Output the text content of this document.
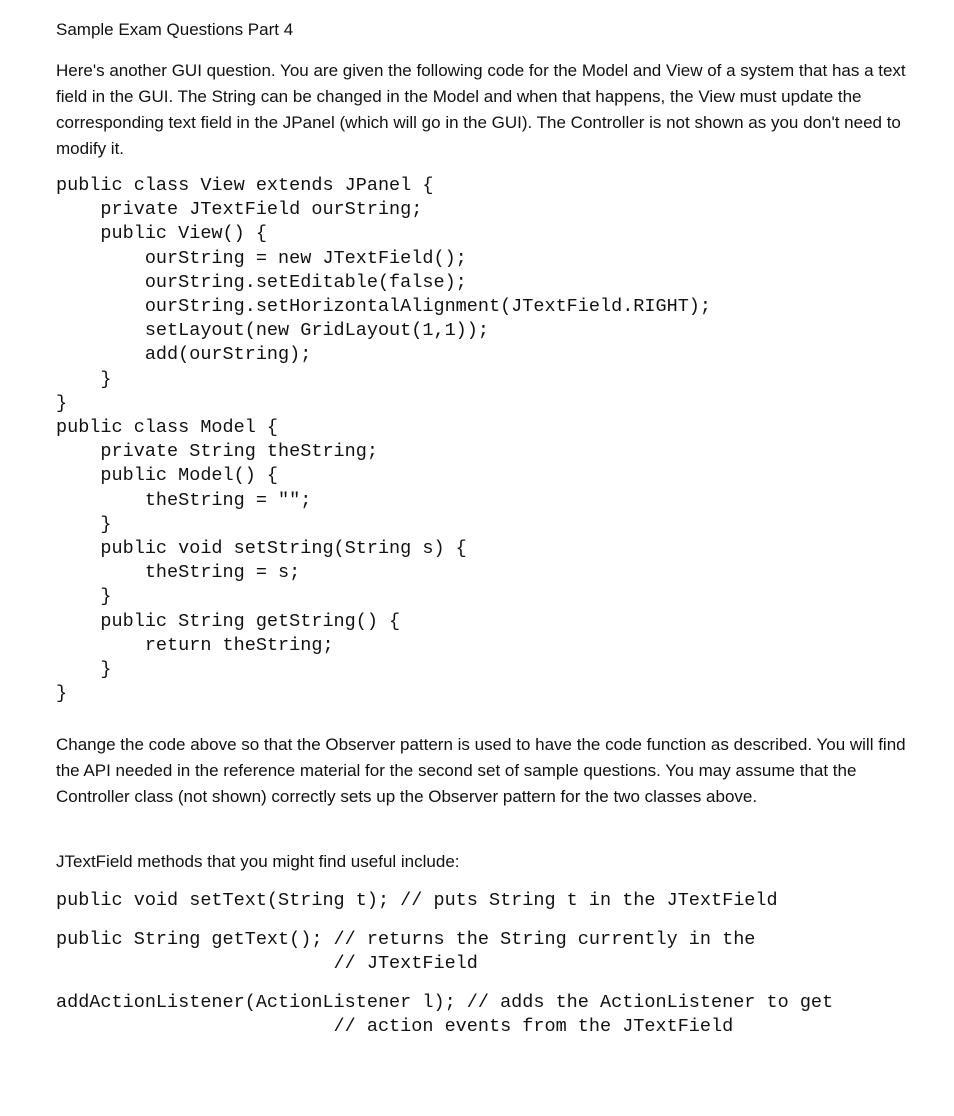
Sample Exam Questions Part 4

Here's another GUI question. You are given the following code for the Model and View of a system that has a text field in the GUI. The String can be changed in the Model and when that happens, the View must update the corresponding text field in the JPanel (which will go in the GUI). The Controller is not shown as you don't need to modify it.

public class View extends JPanel {
private JTextField ourString;
public View() {
ourString = new JTextField();
ourString.setEditable(false);
ourString.setHorizontalAlignment(JTextField.RIGHT);
setLayout(new GridLayout(1,1));
add(ourString);
}
}
public class Model {
private String theString;
public Model() {
theString = "";
}
public void setString(String s) {
theString = s;
}
public String getString() {
return theString;
}
}

Change the code above so that the Observer pattern is used to have the code function as described. You will find the API needed in the reference material for the second set of sample questions. You may assume that the Controller class (not shown) correctly sets up the Observer pattern for the two classes above.

JTextField methods that you might find useful include:

public void setText(String t); // puts String t in the JTextField
public String getText(); // returns the String currently in the
// JTextField
addActionListener(ActionListener l); // adds the ActionListener to get
// action events from the JTextField
